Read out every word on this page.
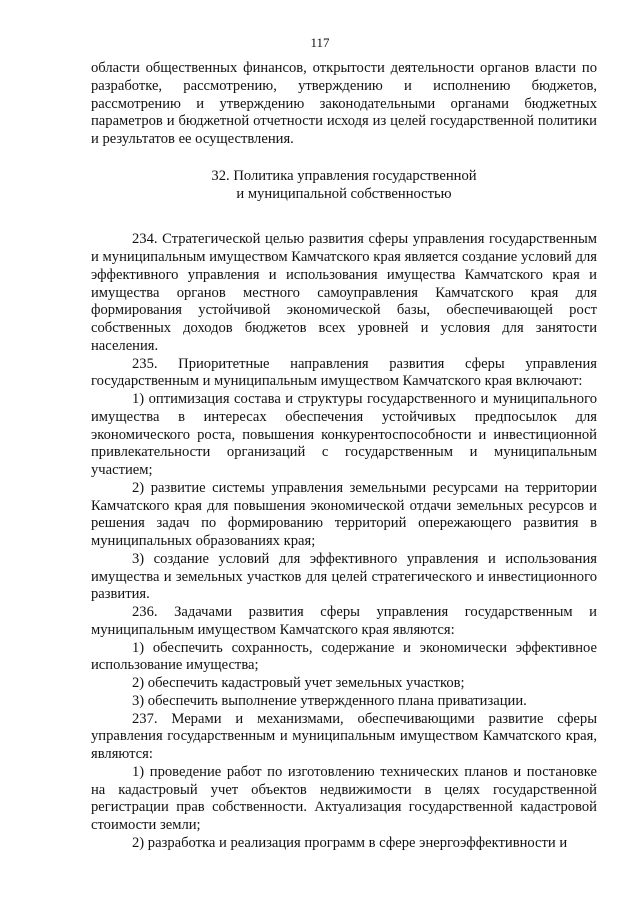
117

области общественных финансов, открытости деятельности органов власти по разработке, рассмотрению, утверждению и исполнению бюджетов, рассмотрению и утверждению законодательными органами бюджетных параметров и бюджетной отчетности исходя из целей государственной политики и результатов ее осуществления.

32. Политика управления государственной
и муниципальной собственностью

234. Стратегической целью развития сферы управления государственным и муниципальным имуществом Камчатского края является создание условий для эффективного управления и использования имущества Камчатского края и имущества органов местного самоуправления Камчатского края для формирования устойчивой экономической базы, обеспечивающей рост собственных доходов бюджетов всех уровней и условия для занятости населения.

235. Приоритетные направления развития сферы управления государственным и муниципальным имуществом Камчатского края включают:

1) оптимизация состава и структуры государственного и муниципального имущества в интересах обеспечения устойчивых предпосылок для экономического роста, повышения конкурентоспособности и инвестиционной привлекательности организаций с государственным и муниципальным участием;

2) развитие системы управления земельными ресурсами на территории Камчатского края для повышения экономической отдачи земельных ресурсов и решения задач по формированию территорий опережающего развития в муниципальных образованиях края;

3) создание условий для эффективного управления и использования имущества и земельных участков для целей стратегического и инвестиционного развития.

236. Задачами развития сферы управления государственным и муниципальным имуществом Камчатского края являются:

1) обеспечить сохранность, содержание и экономически эффективное использование имущества;

2) обеспечить кадастровый учет земельных участков;

3) обеспечить выполнение утвержденного плана приватизации.

237. Мерами и механизмами, обеспечивающими развитие сферы управления государственным и муниципальным имуществом Камчатского края, являются:

1) проведение работ по изготовлению технических планов и постановке на кадастровый учет объектов недвижимости в целях государственной регистрации прав собственности. Актуализация государственной кадастровой стоимости земли;

2) разработка и реализация программ в сфере энергоэффективности и
